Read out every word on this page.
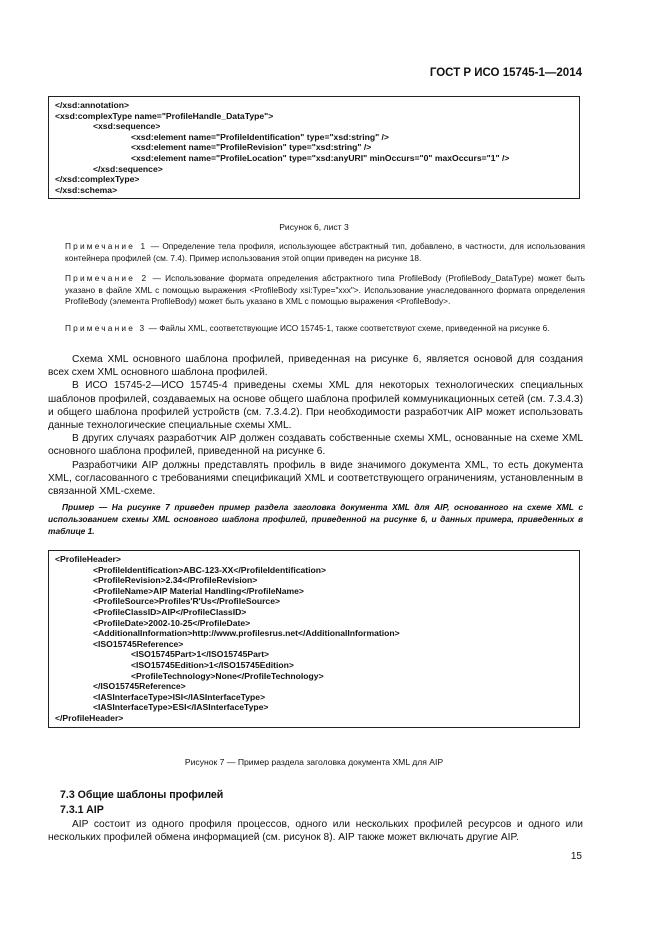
ГОСТ Р ИСО 15745-1—2014
</xsd:annotation>
<xsd:complexType name="ProfileHandle_DataType">
<xsd:sequence>
<xsd:element name="ProfileIdentification" type="xsd:string" />
<xsd:element name="ProfileRevision" type="xsd:string" />
<xsd:element name="ProfileLocation" type="xsd:anyURI" minOccurs="0" maxOccurs="1" />
</xsd:sequence>
</xsd:complexType>
</xsd:schema>
Рисунок 6, лист 3

Примечание 1 — Определение тела профиля, использующее абстрактный тип, добавлено, в частности, для использования контейнера профилей (см. 7.4). Пример использования этой опции приведен на рисунке 18.

Примечание 2 — Использование формата определения абстрактного типа ProfileBody (ProfileBody_DataType) может быть указано в файле XML с помощью выражения <ProfileBody xsi:Type="xxx">. Использование унаследованного формата определения ProfileBody (элемента ProfileBody) может быть указано в XML с помощью выражения <ProfileBody>.

Примечание 3 — Файлы XML, соответствующие ИСО 15745-1, также соответствуют схеме, приведенной на рисунке 6.

Схема XML основного шаблона профилей, приведенная на рисунке 6, является основой для создания всех схем XML основного шаблона профилей.

В ИСО 15745-2—ИСО 15745-4 приведены схемы XML для некоторых технологических специальных шаблонов профилей, создаваемых на основе общего шаблона профилей коммуникационных сетей (см. 7.3.4.3) и общего шаблона профилей устройств (см. 7.3.4.2). При необходимости разработчик AIP может использовать данные технологические специальные схемы XML.

В других случаях разработчик AIP должен создавать собственные схемы XML, основанные на схеме XML основного шаблона профилей, приведенной на рисунке 6.

Разработчики AIP должны представлять профиль в виде значимого документа XML, то есть документа XML, согласованного с требованиями спецификаций XML и соответствующего ограничениям, установленным в связанной XML-схеме.

Пример — На рисунке 7 приведен пример раздела заголовка документа XML для AIP, основанного на схеме XML с использованием схемы XML основного шаблона профилей, приведенной на рисунке 6, и данных примера, приведенных в таблице 1.
<ProfileHeader>
<ProfileIdentification>ABC-123-XX</ProfileIdentification>
<ProfileRevision>2.34</ProfileRevision>
<ProfileName>AIP Material Handling</ProfileName>
<ProfileSource>Profiles'R'Us</ProfileSource>
<ProfileClassID>AIP</ProfileClassID>
<ProfileDate>2002-10-25</ProfileDate>
<AdditionalInformation>http://www.profilesrus.net</AdditionalInformation>
<ISO15745Reference>
<ISO15745Part>1</ISO15745Part>
<ISO15745Edition>1</ISO15745Edition>
<ProfileTechnology>None</ProfileTechnology>
</ISO15745Reference>
<IASInterfaceType>ISI</IASInterfaceType>
<IASInterfaceType>ESI</IASInterfaceType>
</ProfileHeader>
Рисунок 7 — Пример раздела заголовка документа XML для AIP
7.3 Общие шаблоны профилей
7.3.1 AIP

AIP состоит из одного профиля процессов, одного или нескольких профилей ресурсов и одного или нескольких профилей обмена информацией (см. рисунок 8). AIP также может включать другие AIP.

15
